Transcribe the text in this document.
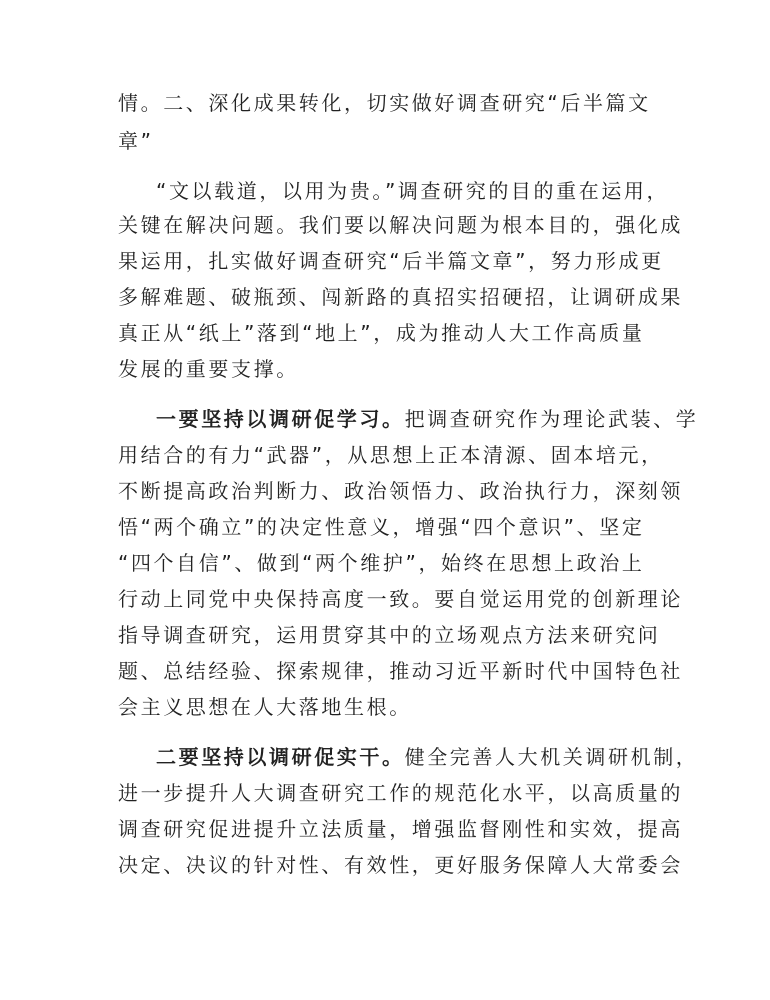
情。二、深化成果转化，切实做好调查研究“后半篇文
章”
“文以载道，以用为贵。”调查研究的目的重在运用，
关键在解决问题。我们要以解决问题为根本目的，强化成
果运用，扎实做好调查研究“后半篇文章”，努力形成更
多解难题、破瓶颈、闯新路的真招实招硬招，让调研成果
真正从“纸上”落到“地上”，成为推动人大工作高质量
发展的重要支撑。
一要坚持以调研促学习。把调查研究作为理论武装、学
用结合的有力“武器”，从思想上正本清源、固本培元，
不断提高政治判断力、政治领悟力、政治执行力，深刻领
悟“两个确立”的决定性意义，增强“四个意识”、坚定
“四个自信”、做到“两个维护”，始终在思想上政治上
行动上同党中央保持高度一致。要自觉运用党的创新理论
指导调查研究，运用贯穿其中的立场观点方法来研究问
题、总结经验、探索规律，推动习近平新时代中国特色社
会主义思想在人大落地生根。
二要坚持以调研促实干。健全完善人大机关调研机制，
进一步提升人大调查研究工作的规范化水平，以高质量的
调查研究促进提升立法质量，增强监督刚性和实效，提高
决定、决议的针对性、有效性，更好服务保障人大常委会
